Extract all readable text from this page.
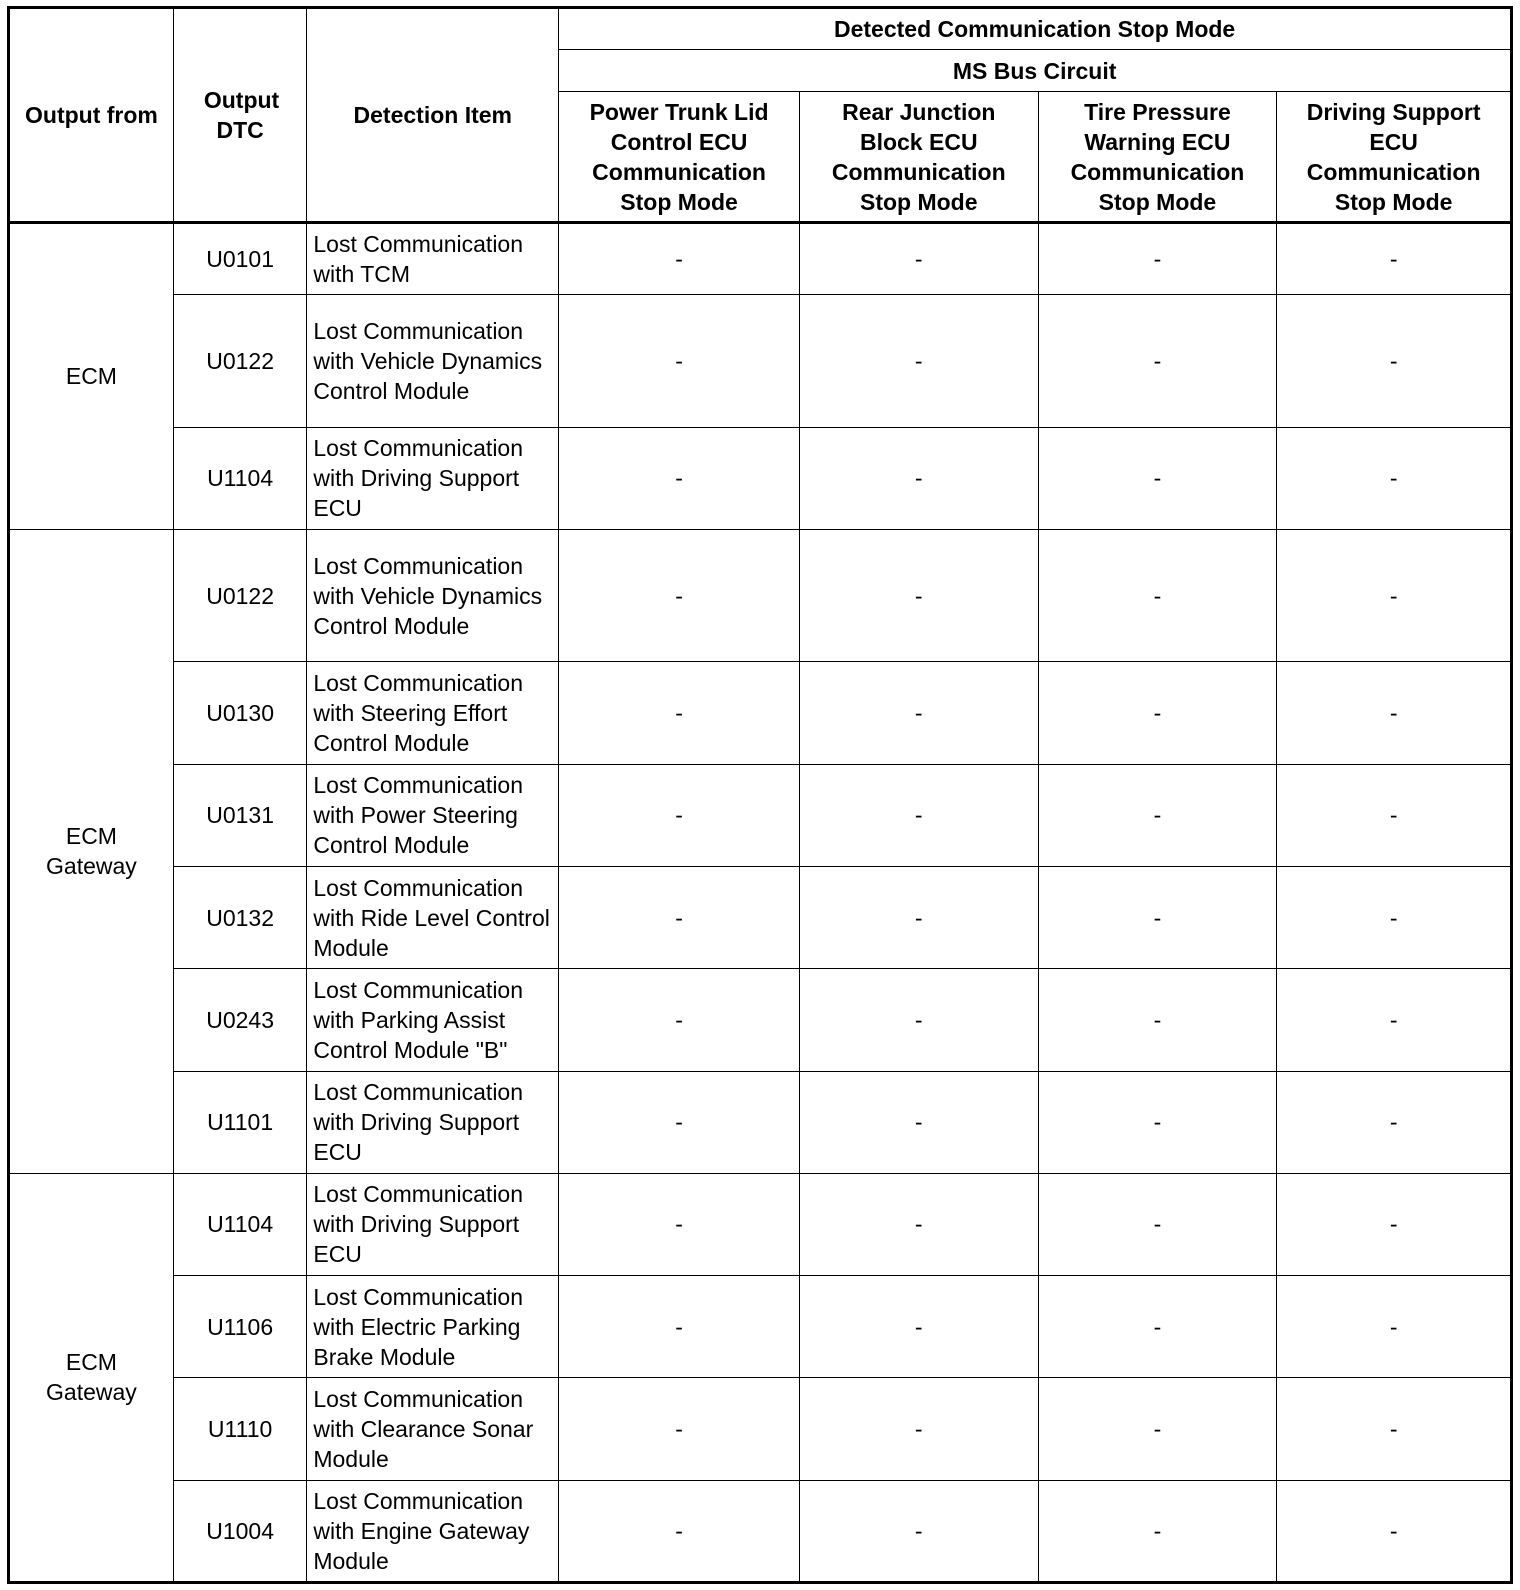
Output from	Output DTC	Detection Item	Detected Communication Stop Mode			
			MS Bus Circuit			
			Power Trunk Lid Control ECU Communication Stop Mode	Rear Junction Block ECU Communication Stop Mode	Tire Pressure Warning ECU Communication Stop Mode	Driving Support ECU Communication Stop Mode
ECM	U0101	Lost Communication with TCM	-	-	-	-
	U0122	Lost Communication with Vehicle Dynamics Control Module	-	-	-	-
	U1104	Lost Communication with Driving Support ECU	-	-	-	-
ECM Gateway	U0122	Lost Communication with Vehicle Dynamics Control Module	-	-	-	-
	U0130	Lost Communication with Steering Effort Control Module	-	-	-	-
	U0131	Lost Communication with Power Steering Control Module	-	-	-	-
	U0132	Lost Communication with Ride Level Control Module	-	-	-	-
	U0243	Lost Communication with Parking Assist Control Module "B"	-	-	-	-
	U1101	Lost Communication with Driving Support ECU	-	-	-	-
ECM Gateway	U1104	Lost Communication with Driving Support ECU	-	-	-	-
	U1106	Lost Communication with Electric Parking Brake Module	-	-	-	-
	U1110	Lost Communication with Clearance Sonar Module	-	-	-	-
	U1004	Lost Communication with Engine Gateway Module	-	-	-	-
